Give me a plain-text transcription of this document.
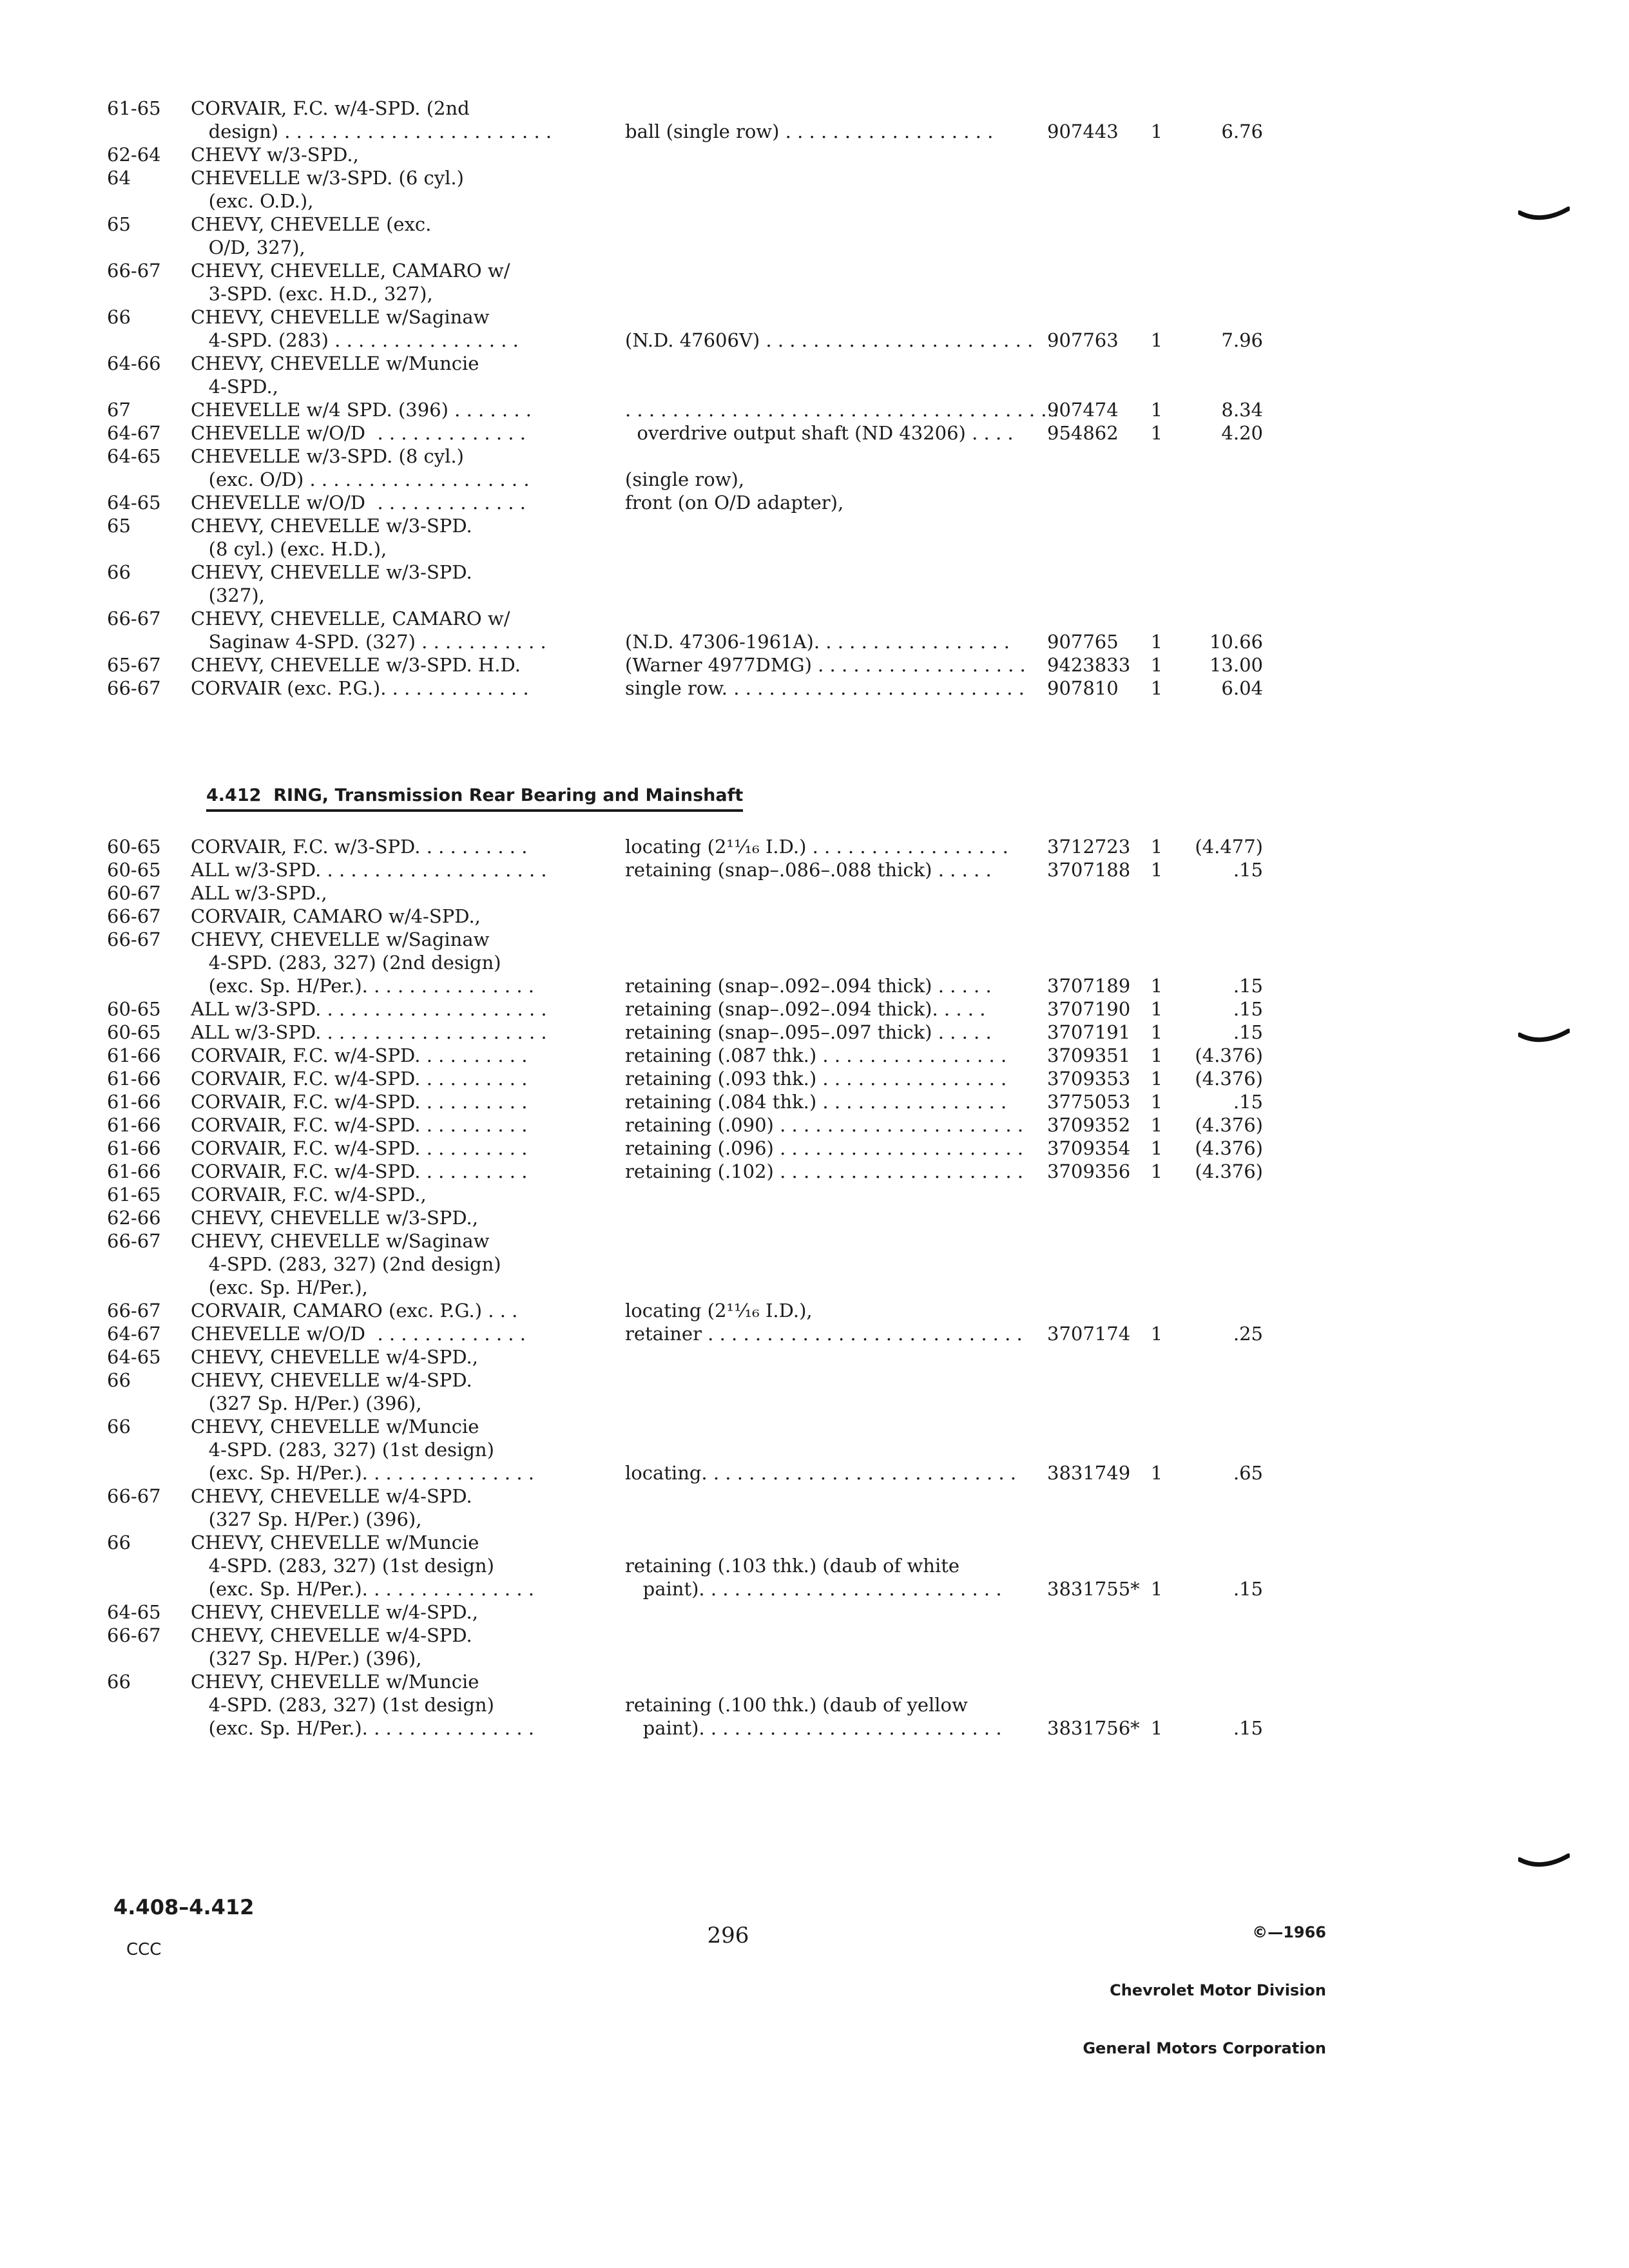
61-65

62-64
64

65

66-67

66

64-66

67
64-67
64-65

64-65
65

66

66-67

65-67
66-67
CORVAIR, F.C. w/4-SPD. (2nd
design) . . . . . . . . . . . . . . . . . . . . . . .
CHEVY w/3-SPD.,
CHEVELLE w/3-SPD. (6 cyl.)
(exc. O.D.),
CHEVY, CHEVELLE (exc.
O/D, 327),
CHEVY, CHEVELLE, CAMARO w/
3-SPD. (exc. H.D., 327),
CHEVY, CHEVELLE w/Saginaw
4-SPD. (283) . . . . . . . . . . . . . . . .
CHEVY, CHEVELLE w/Muncie
4-SPD.,
CHEVELLE w/4 SPD. (396) . . . . . . .
CHEVELLE w/O/D  . . . . . . . . . . . . .
CHEVELLE w/3-SPD. (8 cyl.)
(exc. O/D) . . . . . . . . . . . . . . . . . . .
CHEVELLE w/O/D  . . . . . . . . . . . . .
CHEVY, CHEVELLE w/3-SPD.
(8 cyl.) (exc. H.D.),
CHEVY, CHEVELLE w/3-SPD.
(327),
CHEVY, CHEVELLE, CAMARO w/
Saginaw 4-SPD. (327) . . . . . . . . . . .
CHEVY, CHEVELLE w/3-SPD. H.D.
CORVAIR (exc. P.G.). . . . . . . . . . . . .

ball (single row) . . . . . . . . . . . . . . . . . .

(N.D. 47606V) . . . . . . . . . . . . . . . . . . . . . . .

. . . . . . . . . . . . . . . . . . . . . . . . . . . . . . . . . . . . .
overdrive output shaft (ND 43206) . . . .

(single row),
front (on O/D adapter),

(N.D. 47306-1961A). . . . . . . . . . . . . . . . .
(Warner 4977DMG) . . . . . . . . . . . . . . . . . .
single row. . . . . . . . . . . . . . . . . . . . . . . . . .

907443

907763

907474
954862

907765
9423833
907810

1

1

1
1

1
1
1

6.76

7.96

8.34
4.20

10.66
13.00
6.04
4.412  RING, Transmission Rear Bearing and Mainshaft
60-65
60-65
60-67
66-67
66-67

60-65
60-65
61-66
61-66
61-66
61-66
61-66
61-66
61-65
62-66
66-67

66-67
64-67
64-65
66

66

66-67

66

64-65
66-67

66

CORVAIR, F.C. w/3-SPD. . . . . . . . . .
ALL w/3-SPD. . . . . . . . . . . . . . . . . . . .
ALL w/3-SPD.,
CORVAIR, CAMARO w/4-SPD.,
CHEVY, CHEVELLE w/Saginaw
4-SPD. (283, 327) (2nd design)
(exc. Sp. H/Per.). . . . . . . . . . . . . . .
ALL w/3-SPD. . . . . . . . . . . . . . . . . . . .
ALL w/3-SPD. . . . . . . . . . . . . . . . . . . .
CORVAIR, F.C. w/4-SPD. . . . . . . . . .
CORVAIR, F.C. w/4-SPD. . . . . . . . . .
CORVAIR, F.C. w/4-SPD. . . . . . . . . .
CORVAIR, F.C. w/4-SPD. . . . . . . . . .
CORVAIR, F.C. w/4-SPD. . . . . . . . . .
CORVAIR, F.C. w/4-SPD. . . . . . . . . .
CORVAIR, F.C. w/4-SPD.,
CHEVY, CHEVELLE w/3-SPD.,
CHEVY, CHEVELLE w/Saginaw
4-SPD. (283, 327) (2nd design)
(exc. Sp. H/Per.),
CORVAIR, CAMARO (exc. P.G.) . . .
CHEVELLE w/O/D  . . . . . . . . . . . . .
CHEVY, CHEVELLE w/4-SPD.,
CHEVY, CHEVELLE w/4-SPD.
(327 Sp. H/Per.) (396),
CHEVY, CHEVELLE w/Muncie
4-SPD. (283, 327) (1st design)
(exc. Sp. H/Per.). . . . . . . . . . . . . . .
CHEVY, CHEVELLE w/4-SPD.
(327 Sp. H/Per.) (396),
CHEVY, CHEVELLE w/Muncie
4-SPD. (283, 327) (1st design)
(exc. Sp. H/Per.). . . . . . . . . . . . . . .
CHEVY, CHEVELLE w/4-SPD.,
CHEVY, CHEVELLE w/4-SPD.
(327 Sp. H/Per.) (396),
CHEVY, CHEVELLE w/Muncie
4-SPD. (283, 327) (1st design)
(exc. Sp. H/Per.). . . . . . . . . . . . . . .
locating (2¹¹⁄₁₆ I.D.) . . . . . . . . . . . . . . . . .
retaining (snap–.086–.088 thick) . . . . .

retaining (snap–.092–.094 thick) . . . . .
retaining (snap–.092–.094 thick). . . . .
retaining (snap–.095–.097 thick) . . . . .
retaining (.087 thk.) . . . . . . . . . . . . . . . .
retaining (.093 thk.) . . . . . . . . . . . . . . . .
retaining (.084 thk.) . . . . . . . . . . . . . . . .
retaining (.090) . . . . . . . . . . . . . . . . . . . . .
retaining (.096) . . . . . . . . . . . . . . . . . . . . .
retaining (.102) . . . . . . . . . . . . . . . . . . . . .

locating (2¹¹⁄₁₆ I.D.),
retainer . . . . . . . . . . . . . . . . . . . . . . . . . . .

locating. . . . . . . . . . . . . . . . . . . . . . . . . . .

retaining (.103 thk.) (daub of white
paint). . . . . . . . . . . . . . . . . . . . . . . . . .

retaining (.100 thk.) (daub of yellow
paint). . . . . . . . . . . . . . . . . . . . . . . . . .
3712723
3707188

3707189
3707190
3707191
3709351
3709353
3775053
3709352
3709354
3709356

3707174

3831749

3831755*

3831756*
1
1

1
1
1
1
1
1
1
1
1

1

1

1

1
(4.477)
.15

.15
.15
.15
(4.376)
(4.376)
.15
(4.376)
(4.376)
(4.376)

.25

.65

.15

.15
4.408–4.412
CCC
296

	©—1966

Chevrolet Motor Division

General Motors Corporation
